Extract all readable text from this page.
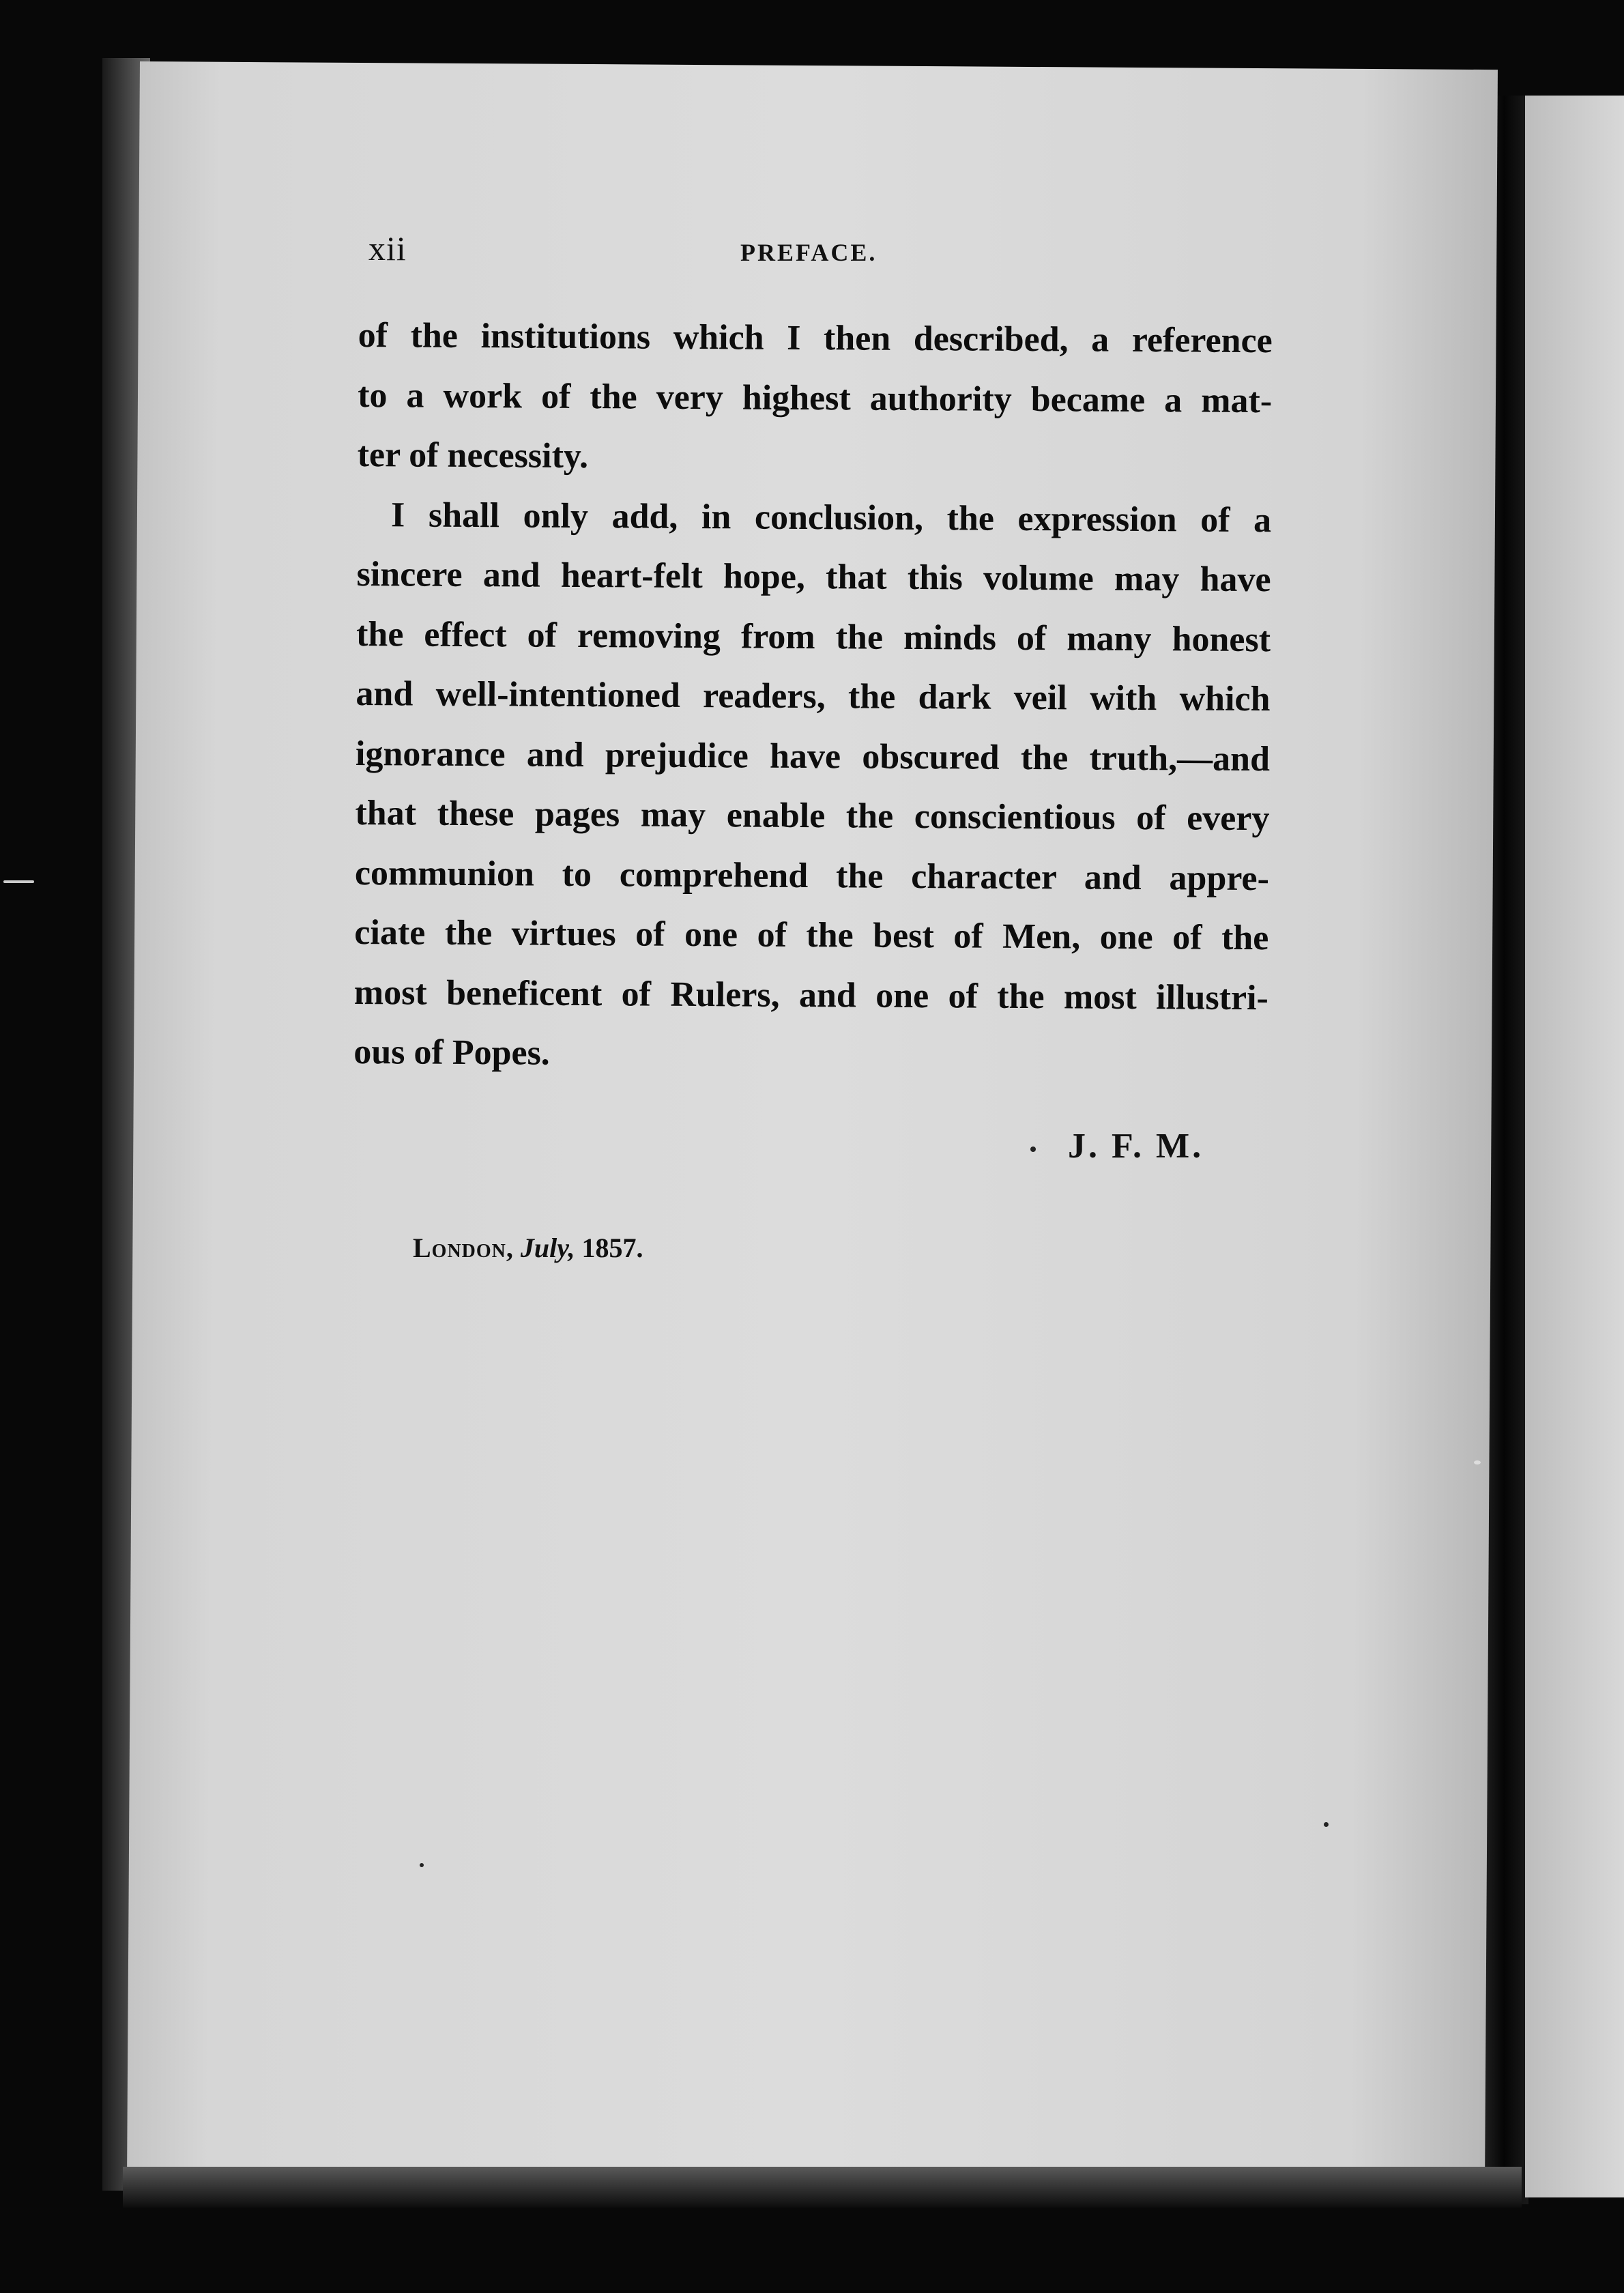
xii	PREFACE.
of the institutions which I then described, a reference
to a work of the very highest authority became a mat-
ter of necessity.
I shall only add, in conclusion, the expression of a
sincere and heart-felt hope, that this volume may have
the effect of removing from the minds of many honest
and well-intentioned readers, the dark veil with which
ignorance and prejudice have obscured the truth,—and
that these pages may enable the conscientious of every
communion to comprehend the character and appre-
ciate the virtues of one of the best of Men, one of the
most beneficent of Rulers, and one of the most illustri-
ous of Popes.
J. F. M.
London, July, 1857.
